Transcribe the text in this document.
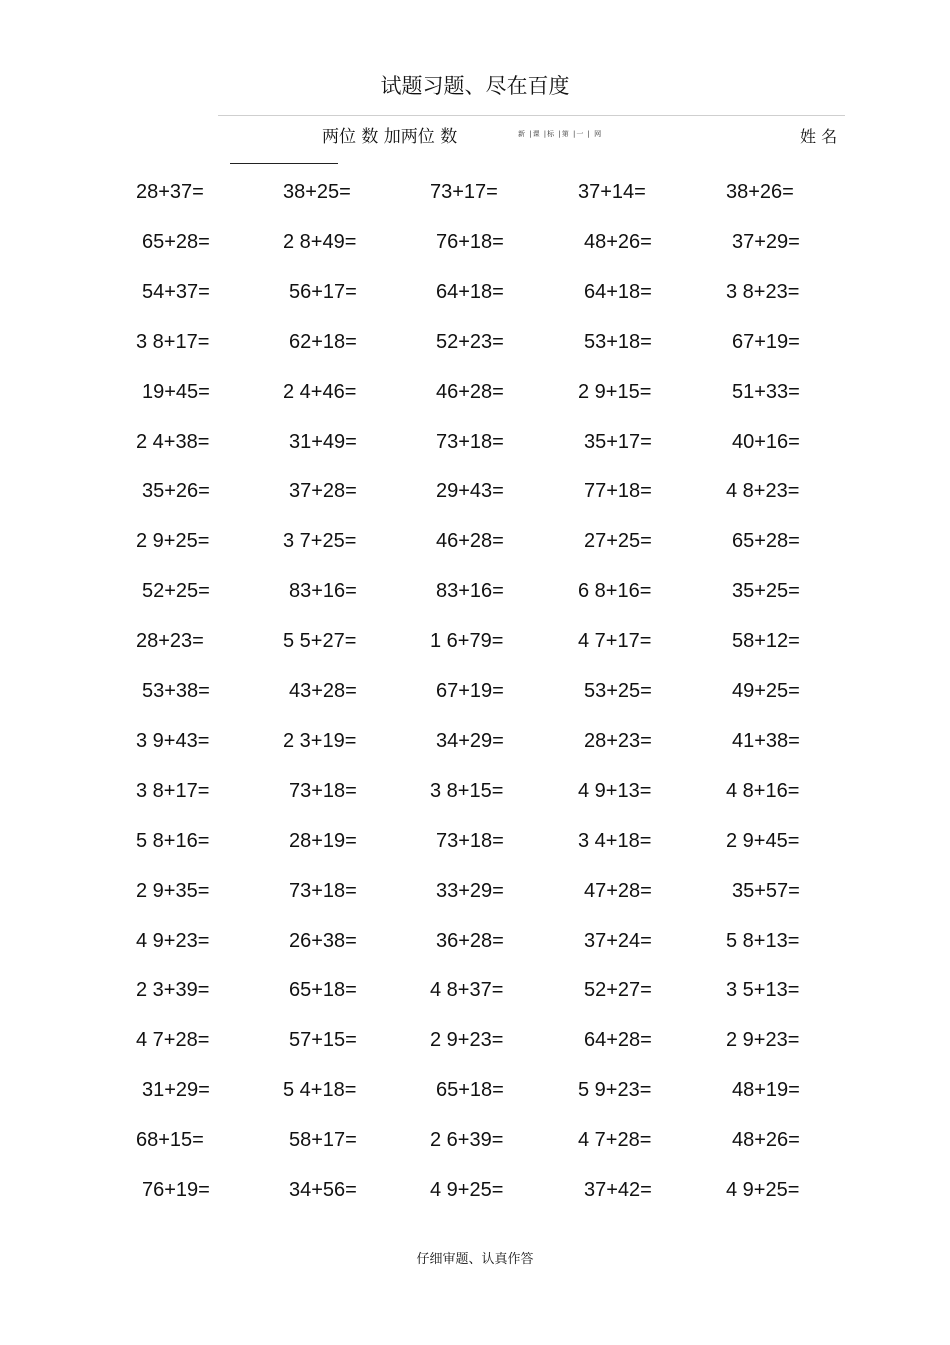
试题习题、尽在百度
两位 数 加两位 数	新 |课 |标 |第 |一 | 网	姓 名
28+37=	38+25=	73+17=	37+14=	38+26=
65+28=	2 8+49=	76+18=	48+26=	37+29=
54+37=	56+17=	64+18=	64+18=	3 8+23=
3 8+17=	62+18=	52+23=	53+18=	67+19=
19+45=	2 4+46=	46+28=	2 9+15=	51+33=
2 4+38=	31+49=	73+18=	35+17=	40+16=
35+26=	37+28=	29+43=	77+18=	4 8+23=
2 9+25=	3 7+25=	46+28=	27+25=	65+28=
52+25=	83+16=	83+16=	6 8+16=	35+25=
28+23=	5 5+27=	1 6+79=	4 7+17=	58+12=
53+38=	43+28=	67+19=	53+25=	49+25=
3 9+43=	2 3+19=	34+29=	28+23=	41+38=
3 8+17=	73+18=	3 8+15=	4 9+13=	4 8+16=
5 8+16=	28+19=	73+18=	3 4+18=	2 9+45=
2 9+35=	73+18=	33+29=	47+28=	35+57=
4 9+23=	26+38=	36+28=	37+24=	5 8+13=
2 3+39=	65+18=	4 8+37=	52+27=	3 5+13=
4 7+28=	57+15=	2 9+23=	64+28=	2 9+23=
31+29=	5 4+18=	65+18=	5 9+23=	48+19=
68+15=	58+17=	2 6+39=	4 7+28=	48+26=
76+19=	34+56=	4 9+25=	37+42=	4 9+25=
仔细审题、认真作答
